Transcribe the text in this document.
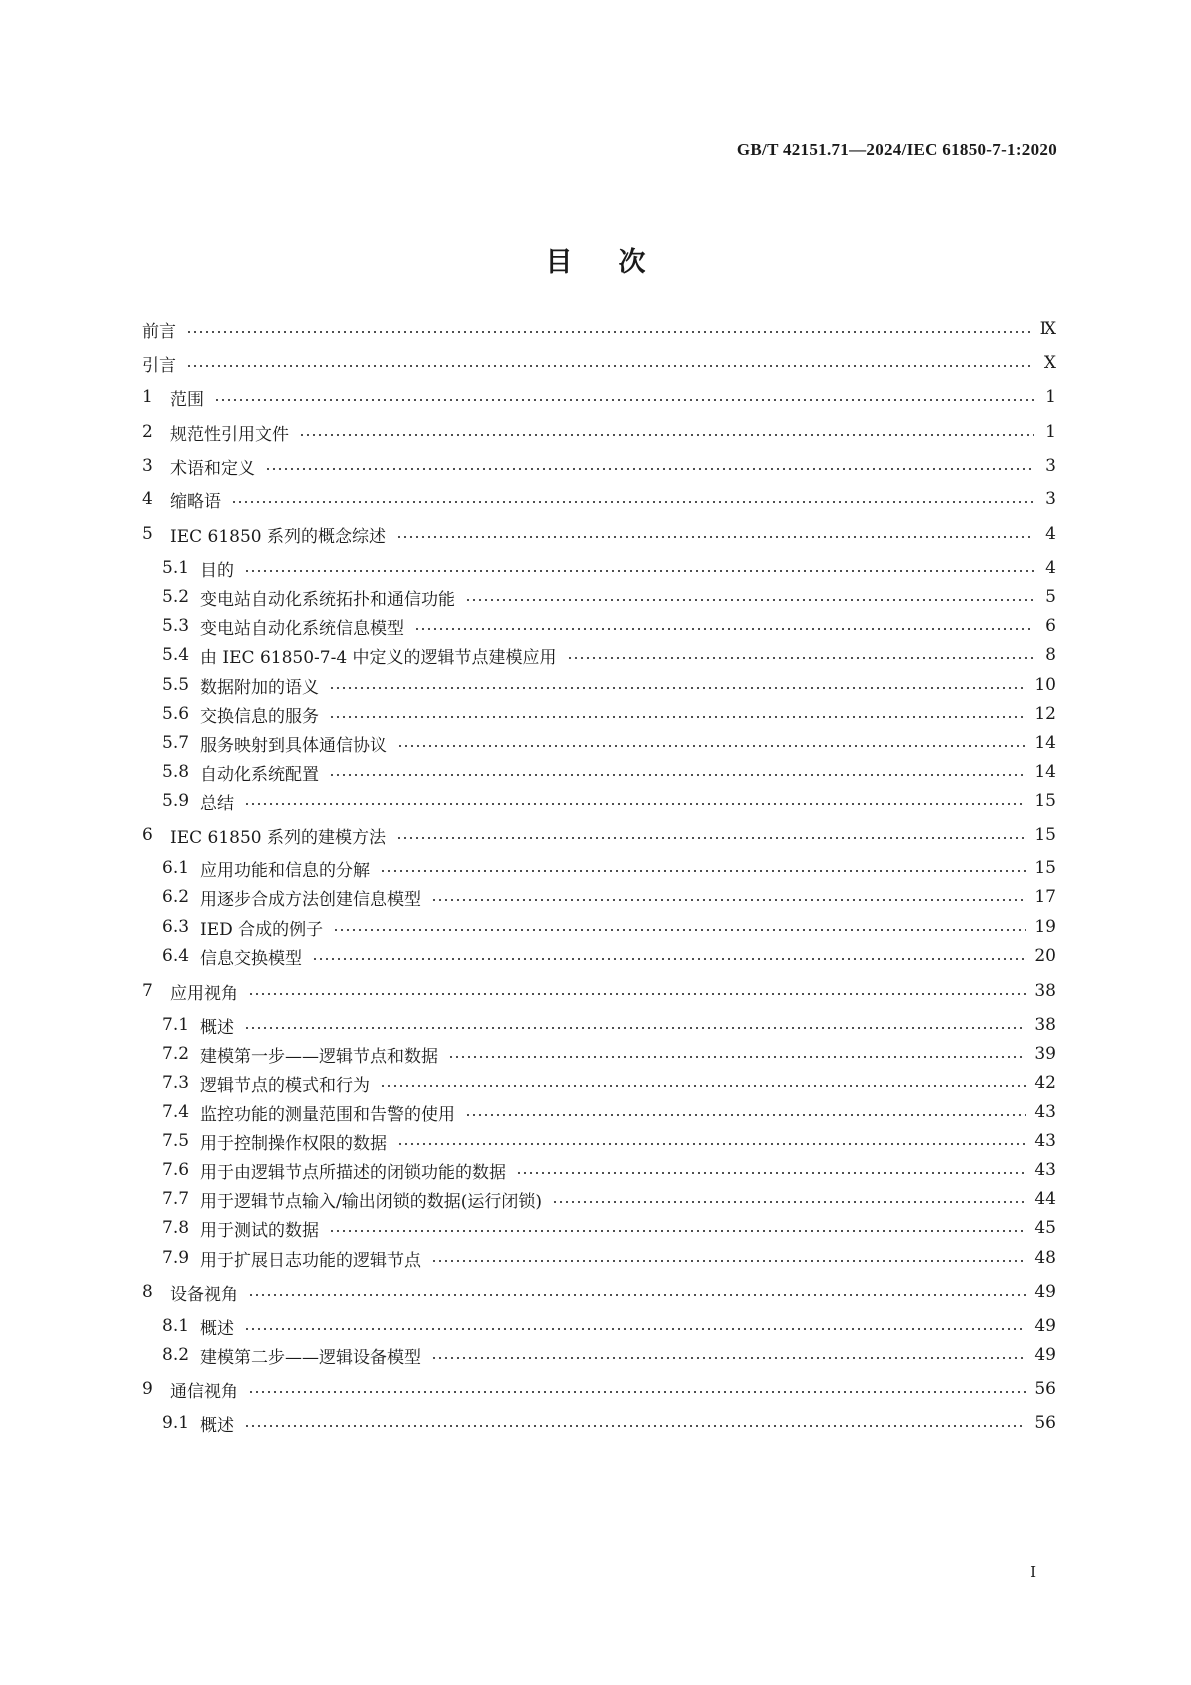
GB/T 42151.71—2024/IEC 61850-7-1:2020
目次
前言	Ⅸ
引言	Ⅹ
1	范围	1
2	规范性引用文件	1
3	术语和定义	3
4	缩略语	3
5	IEC 61850 系列的概念综述	4
5.1 目的	4
5.2 变电站自动化系统拓扑和通信功能	5
5.3 变电站自动化系统信息模型	6
5.4 由 IEC 61850-7-4 中定义的逻辑节点建模应用	8
5.5 数据附加的语义	10
5.6 交换信息的服务	12
5.7 服务映射到具体通信协议	14
5.8 自动化系统配置	14
5.9 总结	15
6	IEC 61850 系列的建模方法	15
6.1 应用功能和信息的分解	15
6.2 用逐步合成方法创建信息模型	17
6.3 IED 合成的例子	19
6.4 信息交换模型	20
7	应用视角	38
7.1 概述	38
7.2 建模第一步——逻辑节点和数据	39
7.3 逻辑节点的模式和行为	42
7.4 监控功能的测量范围和告警的使用	43
7.5 用于控制操作权限的数据	43
7.6 用于由逻辑节点所描述的闭锁功能的数据	43
7.7 用于逻辑节点输入/输出闭锁的数据(运行闭锁)	44
7.8 用于测试的数据	45
7.9 用于扩展日志功能的逻辑节点	48
8	设备视角	49
8.1 概述	49
8.2 建模第二步——逻辑设备模型	49
9	通信视角	56
9.1 概述	56
Ⅰ
